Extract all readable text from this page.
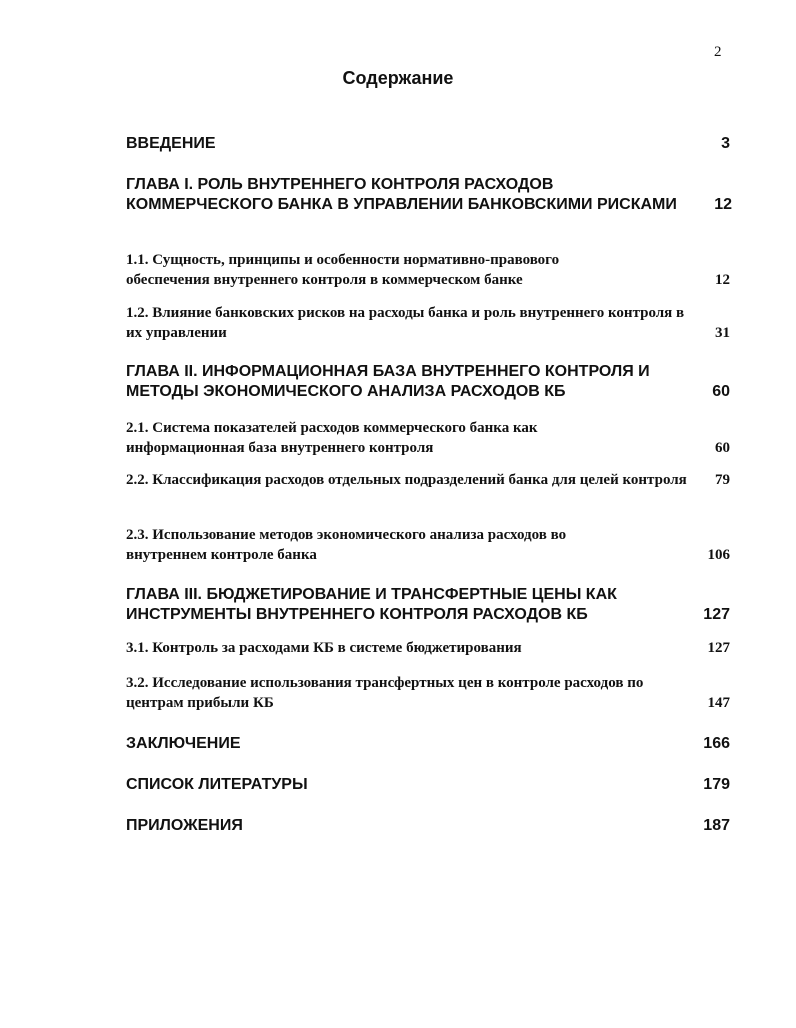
2
Содержание
ВВЕДЕНИЕ	3
ГЛАВА I. РОЛЬ ВНУТРЕННЕГО КОНТРОЛЯ РАСХОДОВ КОММЕРЧЕСКОГО БАНКА В УПРАВЛЕНИИ БАНКОВСКИМИ РИСКАМИ	12
1.1. Сущность, принципы и особенности нормативно-правового обеспечения внутреннего контроля в коммерческом банке	12
1.2. Влияние банковских рисков на расходы банка и роль внутреннего контроля в их управлении	31
ГЛАВА II. ИНФОРМАЦИОННАЯ БАЗА ВНУТРЕННЕГО КОНТРОЛЯ И МЕТОДЫ ЭКОНОМИЧЕСКОГО АНАЛИЗА РАСХОДОВ КБ	60
2.1. Система показателей расходов коммерческого банка как информационная база внутреннего контроля	60
2.2. Классификация расходов отдельных подразделений банка для целей контроля	79
2.3. Использование методов экономического анализа расходов во внутреннем контроле банка	106
ГЛАВА III. БЮДЖЕТИРОВАНИЕ И ТРАНСФЕРТНЫЕ ЦЕНЫ КАК ИНСТРУМЕНТЫ ВНУТРЕННЕГО КОНТРОЛЯ РАСХОДОВ КБ	127
3.1. Контроль за расходами КБ в системе бюджетирования	127
3.2. Исследование использования трансфертных цен в контроле расходов по центрам прибыли КБ	147
ЗАКЛЮЧЕНИЕ	166
СПИСОК ЛИТЕРАТУРЫ	179
ПРИЛОЖЕНИЯ	187
